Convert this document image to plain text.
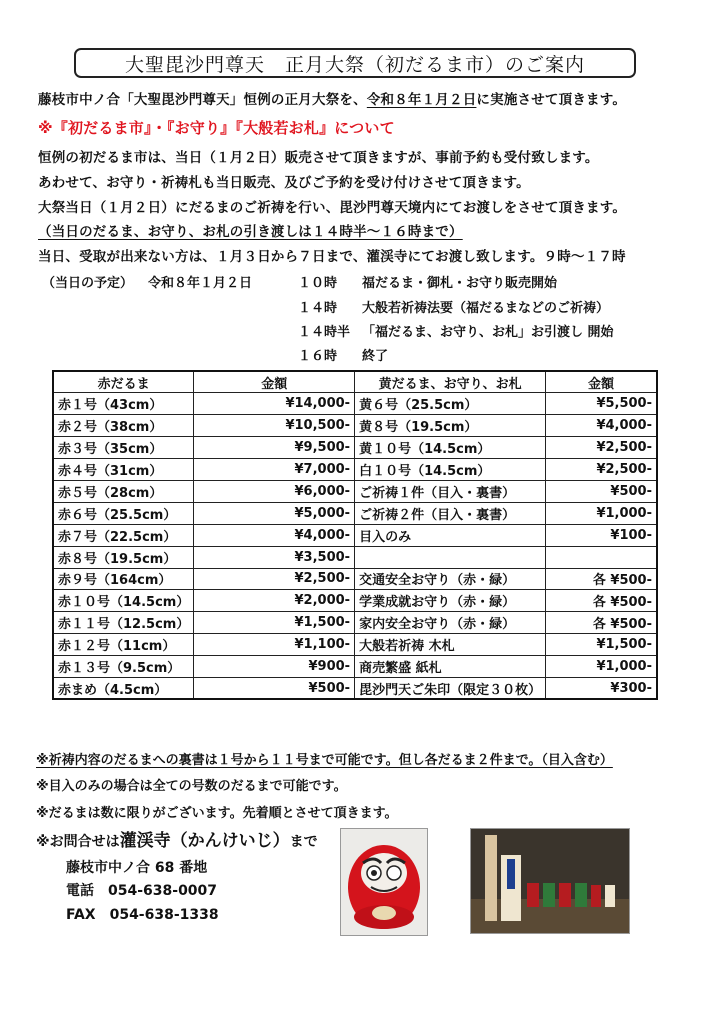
大聖毘沙門尊天　正月大祭（初だるま市）のご案内
藤枝市中ノ合「大聖毘沙門尊天」恒例の正月大祭を、令和８年１月２日に実施させて頂きます。
※『初だるま市』・『お守り』『大般若お札』について
恒例の初だるま市は、当日（１月２日）販売させて頂きますが、事前予約も受付致します。
あわせて、お守り・祈祷札も当日販売、及びご予約を受け付けさせて頂きます。
大祭当日（１月２日）にだるまのご祈祷を行い、毘沙門尊天境内にてお渡しをさせて頂きます。
（当日のだるま、お守り、お札の引き渡しは１４時半～１６時まで）
当日、受取が出来ない方は、１月３日から７日まで、灌渓寺にてお渡し致します。９時～１７時
（当日の予定） 令和８年１月２日	１０時 福だるま・御札・お守り販売開始
１４時 大般若祈祷法要（福だるまなどのご祈祷）
１４時半 「福だるま、お守り、お札」お引渡し 開始
１６時 終了
赤だるま	金額	黄だるま、お守り、お札	金額
赤１号（43cm）	¥14,000-	黄６号（25.5cm）	¥5,500-
赤２号（38cm）	¥10,500-	黄８号（19.5cm）	¥4,000-
赤３号（35cm）	¥9,500-	黄１０号（14.5cm）	¥2,500-
赤４号（31cm）	¥7,000-	白１０号（14.5cm）	¥2,500-
赤５号（28cm）	¥6,000-	ご祈祷１件（目入・裏書）	¥500-
赤６号（25.5cm）	¥5,000-	ご祈祷２件（目入・裏書）	¥1,000-
赤７号（22.5cm）	¥4,000-	目入のみ	¥100-
赤８号（19.5cm）	¥3,500-		
赤９号（164cm）	¥2,500-	交通安全お守り（赤・緑）	各 ¥500-
赤１０号（14.5cm）	¥2,000-	学業成就お守り（赤・緑）	各 ¥500-
赤１１号（12.5cm）	¥1,500-	家内安全お守り（赤・緑）	各 ¥500-
赤１２号（11cm）	¥1,100-	大般若祈祷 木札	¥1,500-
赤１３号（9.5cm）	¥900-	商売繁盛 紙札	¥1,000-
赤まめ（4.5cm）	¥500-	毘沙門天ご朱印（限定３０枚）	¥300-
※祈祷内容のだるまへの裏書は１号から１１号まで可能です。但し各だるま２件まで。（目入含む）
※目入のみの場合は全ての号数のだるまで可能です。
※だるまは数に限りがございます。先着順とさせて頂きます。
※お問合せは灌渓寺（かんけいじ）まで
藤枝市中ノ合 68 番地
電話　054-638-0007
FAX　054-638-1338
